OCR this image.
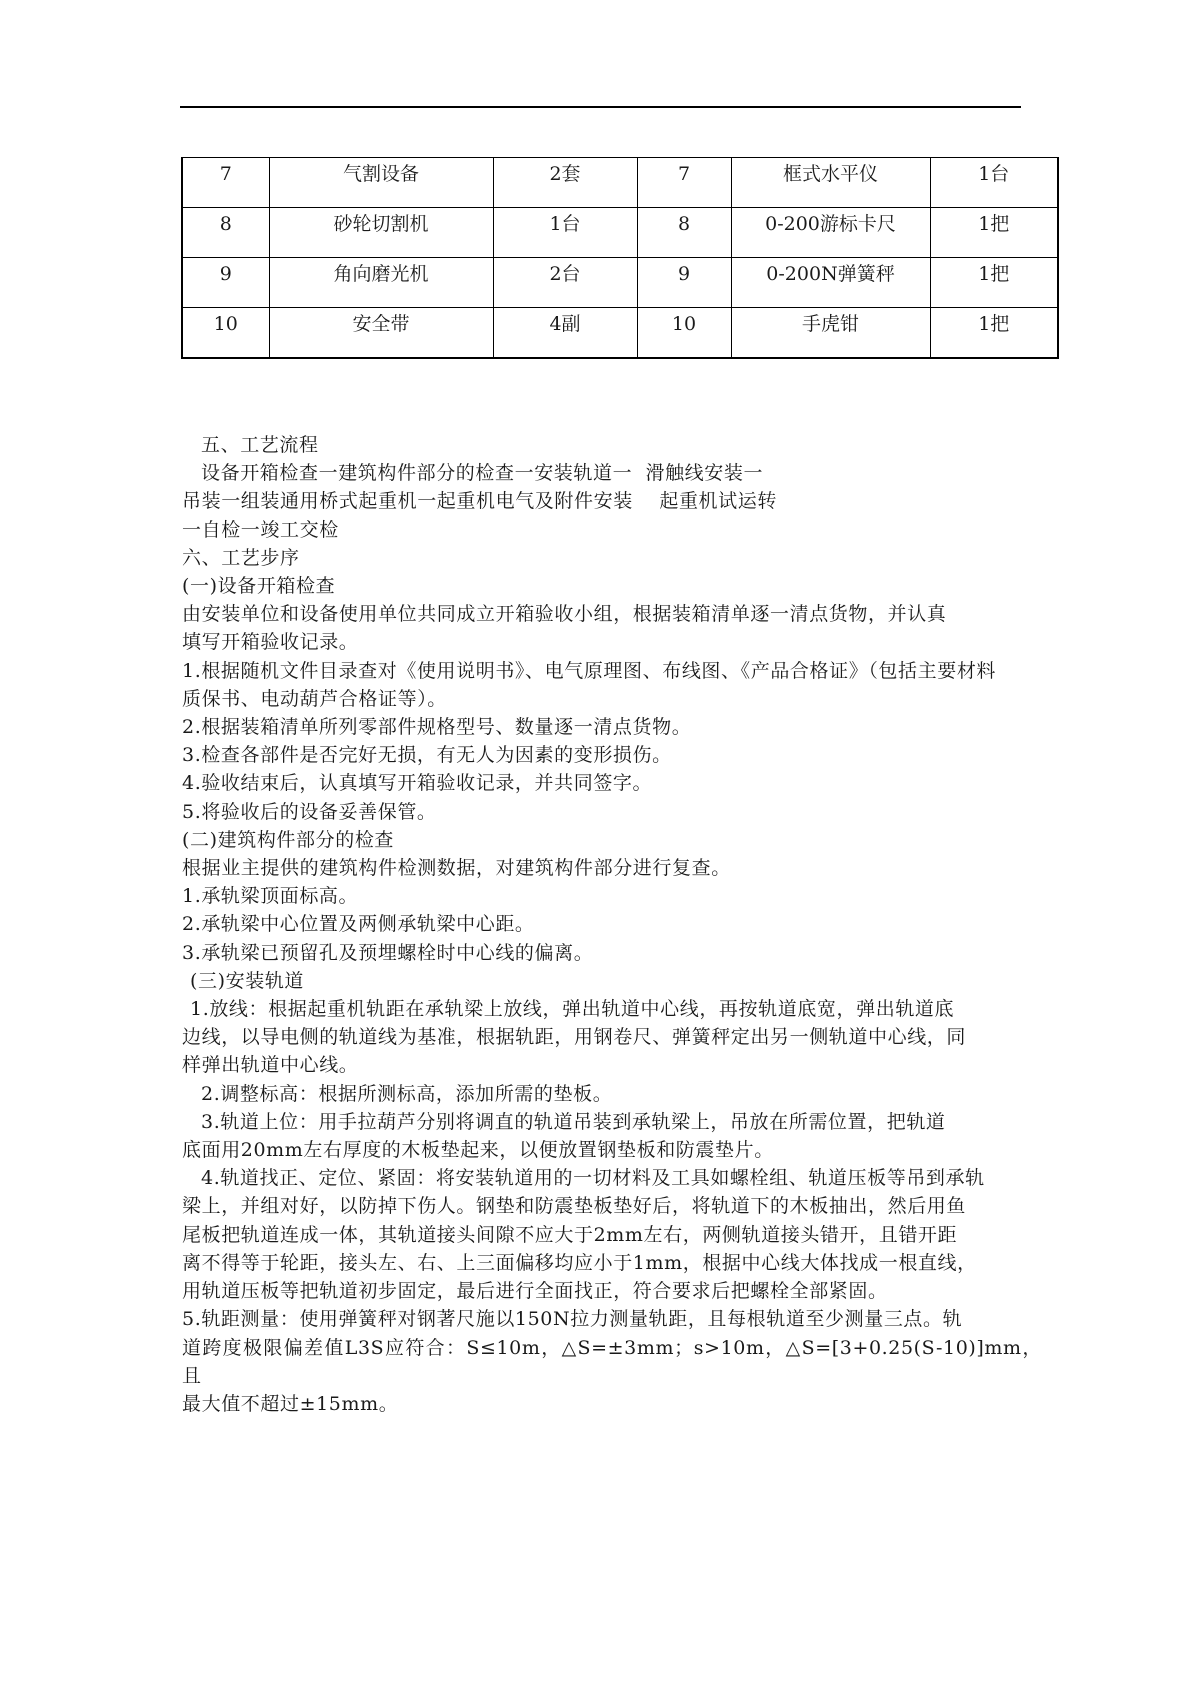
7	气割设备	2套	7	框式水平仪	1台
8	砂轮切割机	1台	8	0-200游标卡尺	1把
9	角向磨光机	2台	9	0-200N弹簧秤	1把
10	安全带	4副	10	手虎钳	1把

五、工艺流程

设备开箱检查一建筑构件部分的检查一安装轨道一  滑触线安装一

吊装一组装通用桥式起重机一起重机电气及附件安装    起重机试运转

一自检一竣工交检

六、工艺步序

(一)设备开箱检查

由安装单位和设备使用单位共同成立开箱验收小组，根据装箱清单逐一清点货物，并认真

填写开箱验收记录。

1.根据随机文件目录查对《使用说明书》、电气原理图、布线图、《产品合格证》（包括主要材料

质保书、电动葫芦合格证等）。

2.根据装箱清单所列零部件规格型号、数量逐一清点货物。

3.检查各部件是否完好无损，有无人为因素的变形损伤。

4.验收结束后，认真填写开箱验收记录，并共同签字。

5.将验收后的设备妥善保管。

(二)建筑构件部分的检查

根据业主提供的建筑构件检测数据，对建筑构件部分进行复查。

1.承轨梁顶面标高。

2.承轨梁中心位置及两侧承轨梁中心距。

3.承轨梁已预留孔及预埋螺栓时中心线的偏离。

(三)安装轨道

1.放线：根据起重机轨距在承轨梁上放线，弹出轨道中心线，再按轨道底宽，弹出轨道底

边线，以导电侧的轨道线为基准，根据轨距，用钢卷尺、弹簧秤定出另一侧轨道中心线，同

样弹出轨道中心线。

2.调整标高：根据所测标高，添加所需的垫板。

3.轨道上位：用手拉葫芦分别将调直的轨道吊装到承轨梁上，吊放在所需位置，把轨道

底面用20mm左右厚度的木板垫起来，以便放置钢垫板和防震垫片。

4.轨道找正、定位、紧固：将安装轨道用的一切材料及工具如螺栓组、轨道压板等吊到承轨

梁上，并组对好，以防掉下伤人。钢垫和防震垫板垫好后，将轨道下的木板抽出，然后用鱼

尾板把轨道连成一体，其轨道接头间隙不应大于2mm左右，两侧轨道接头错开，且错开距

离不得等于轮距，接头左、右、上三面偏移均应小于1mm，根据中心线大体找成一根直线，

用轨道压板等把轨道初步固定，最后进行全面找正，符合要求后把螺栓全部紧固。

5.轨距测量：使用弹簧秤对钢著尺施以150N拉力测量轨距，且每根轨道至少测量三点。轨

道跨度极限偏差值L3S应符合：S≤10m，△S=±3mm；s>10m，△S=[3+0.25(S-10)]mm，且

最大值不超过±15mm。
